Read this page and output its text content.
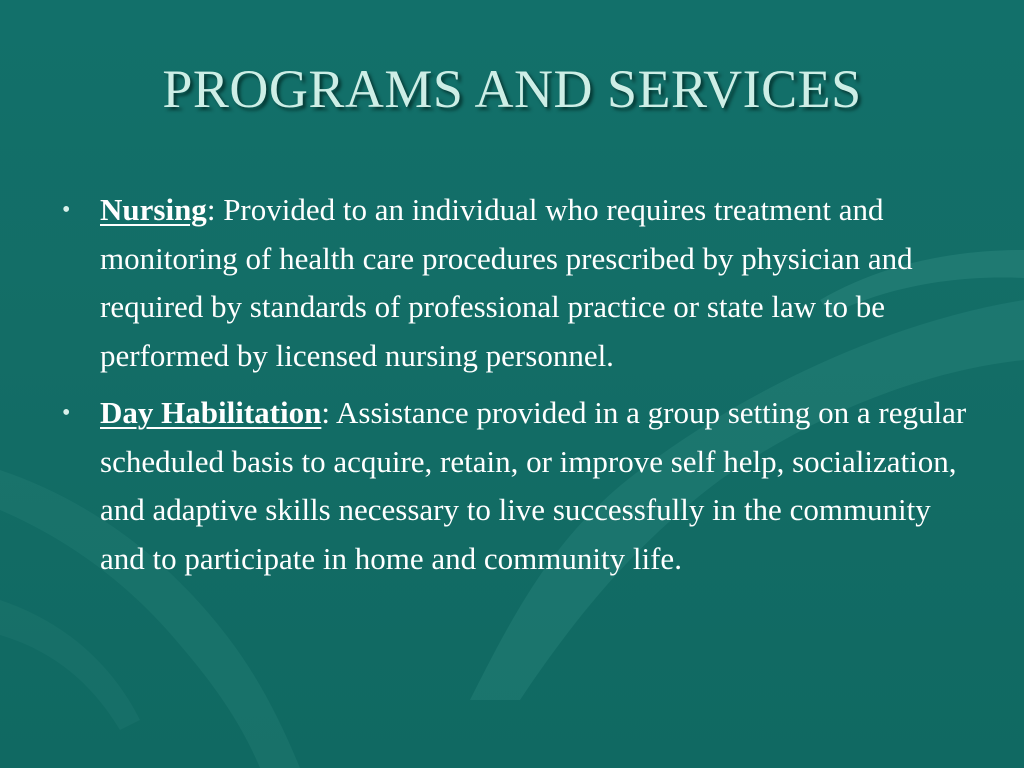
PROGRAMS AND SERVICES
• Nursing: Provided to an individual who requires treatment and monitoring of health care procedures prescribed by physician and required by standards of professional practice or state law to be performed by licensed nursing personnel.
• Day Habilitation: Assistance provided in a group setting on a regular scheduled basis to acquire, retain, or improve self help, socialization, and adaptive skills necessary to live successfully in the community and to participate in home and community life.
